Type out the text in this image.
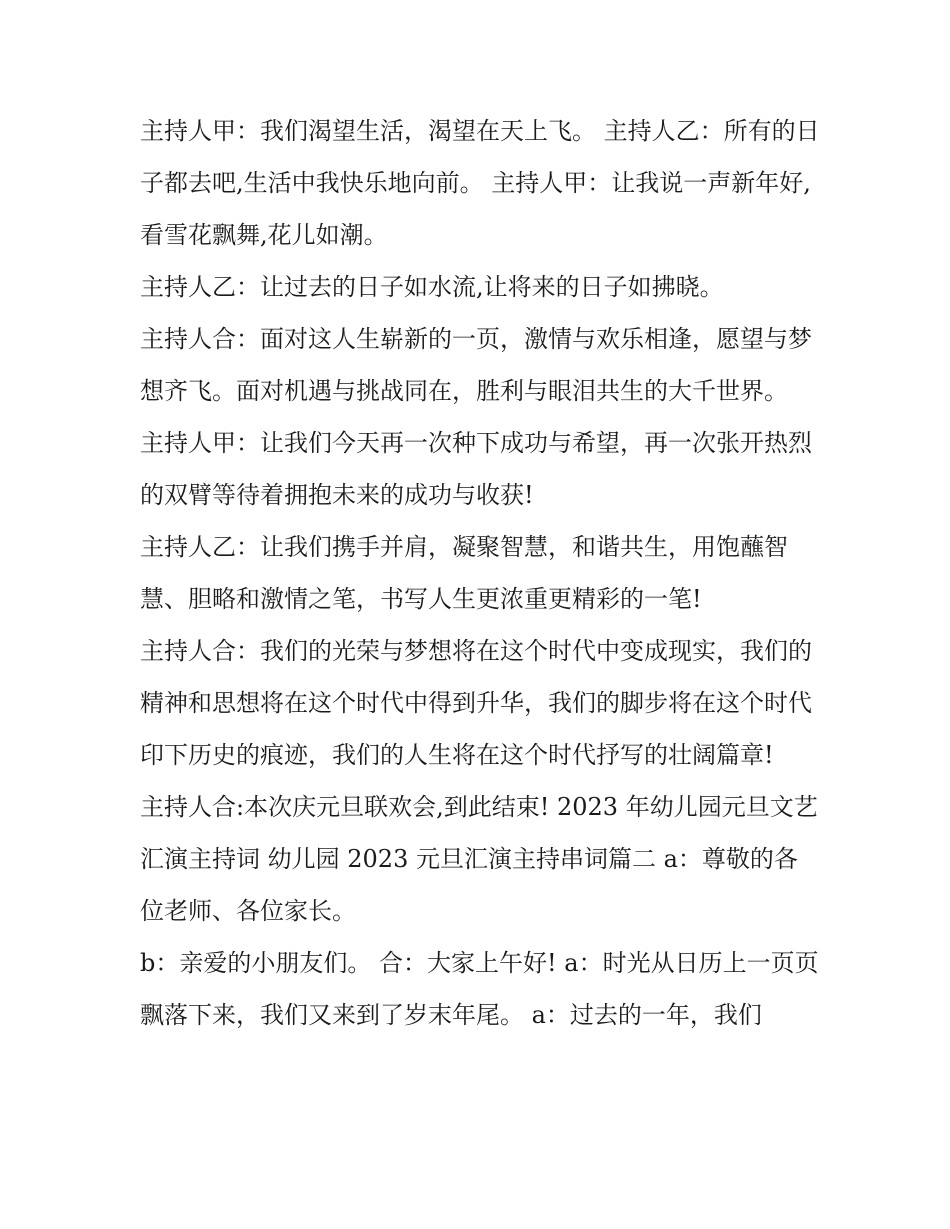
主持人甲：我们渴望生活，渴望在天上飞。 主持人乙：所有的日子都去吧,生活中我快乐地向前。 主持人甲：让我说一声新年好,看雪花飘舞,花儿如潮。

主持人乙：让过去的日子如水流,让将来的日子如拂晓。

主持人合：面对这人生崭新的一页，激情与欢乐相逢，愿望与梦想齐飞。面对机遇与挑战同在，胜利与眼泪共生的大千世界。

主持人甲：让我们今天再一次种下成功与希望，再一次张开热烈的双臂等待着拥抱未来的成功与收获!

主持人乙：让我们携手并肩，凝聚智慧，和谐共生，用饱蘸智慧、胆略和激情之笔，书写人生更浓重更精彩的一笔!

主持人合：我们的光荣与梦想将在这个时代中变成现实，我们的精神和思想将在这个时代中得到升华，我们的脚步将在这个时代印下历史的痕迹，我们的人生将在这个时代抒写的壮阔篇章!

主持人合:本次庆元旦联欢会,到此结束! 2023 年幼儿园元旦文艺汇演主持词 幼儿园 2023 元旦汇演主持串词篇二 a：尊敬的各位老师、各位家长。

b：亲爱的小朋友们。 合：大家上午好! a：时光从日历上一页页飘落下来，我们又来到了岁末年尾。 a：过去的一年，我们
